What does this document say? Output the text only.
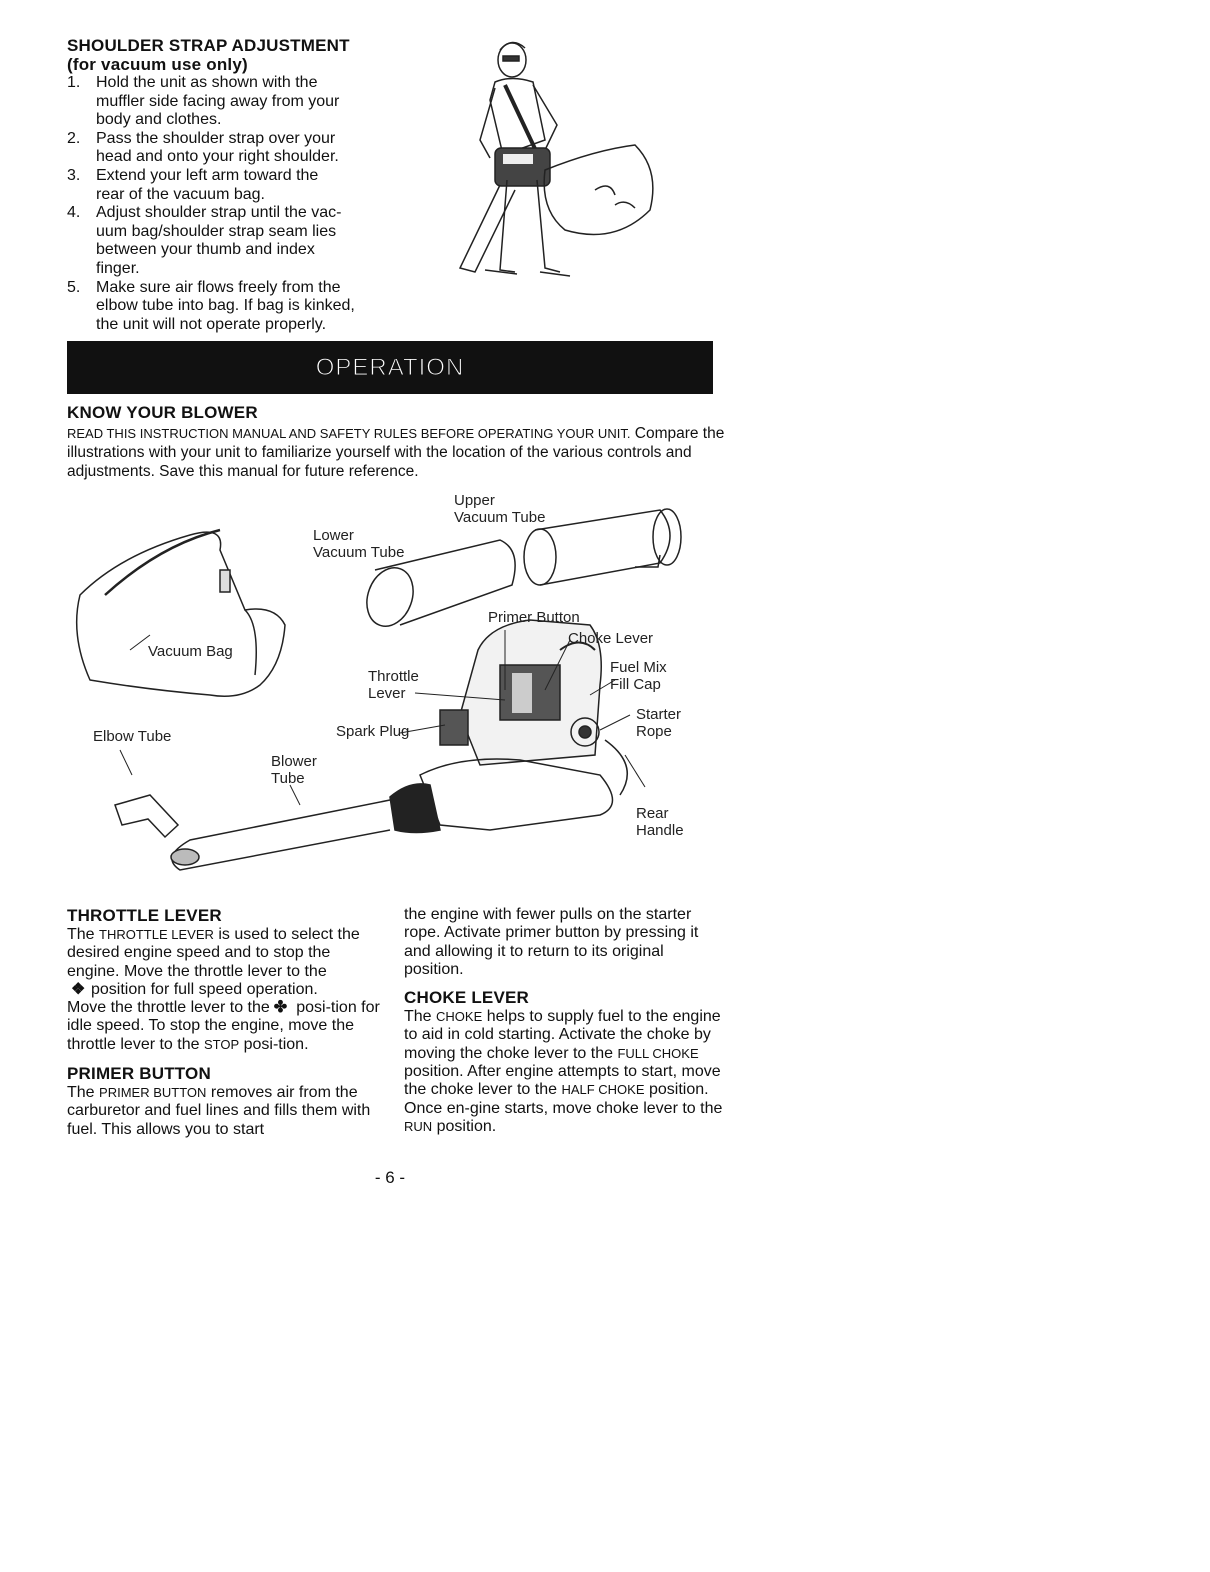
SHOULDER STRAP ADJUSTMENT
(for vacuum use only)
1. Hold the unit as shown with the
muffler side facing away from your
body and clothes.
2. Pass the shoulder strap over your
head and onto your right shoulder.
3. Extend your left arm toward the
rear of the vacuum bag.
4. Adjust shoulder strap until the vac-
uum bag/shoulder strap seam lies
between your thumb and index
finger.
5. Make sure air flows freely from the
elbow tube into bag. If bag is kinked,
the unit will not operate properly.
OPERATION
KNOW YOUR BLOWER
READ THIS INSTRUCTION MANUAL AND SAFETY RULES BEFORE OPERATING YOUR UNIT. Compare the illustrations with your unit to familiarize yourself with the location of the various controls and adjustments. Save this manual for future reference.
Upper
Vacuum Tube
Lower
Vacuum Tube
Vacuum Bag
Primer Button
Choke Lever
Fuel Mix
Fill Cap
Throttle
Lever
Spark Plug
Starter
Rope
Elbow Tube
Blower
Tube
Rear
Handle
THROTTLE LEVER

The THROTTLE LEVER is used to select the desired engine speed and to stop the engine. Move the throttle lever to the
❖ position for full speed operation.
Move the throttle lever to the ✤ posi-tion for idle speed. To stop the engine, move the throttle lever to the STOP posi-tion.

PRIMER BUTTON

The PRIMER BUTTON removes air from the carburetor and fuel lines and fills them with fuel. This allows you to start

the engine with fewer pulls on the starter rope. Activate primer button by pressing it and allowing it to return to its original position.

CHOKE LEVER

The CHOKE helps to supply fuel to the engine to aid in cold starting. Activate the choke by moving the choke lever to the FULL CHOKE position. After engine attempts to start, move the choke lever to the HALF CHOKE position. Once en-gine starts, move choke lever to the RUN position.

- 6 -
